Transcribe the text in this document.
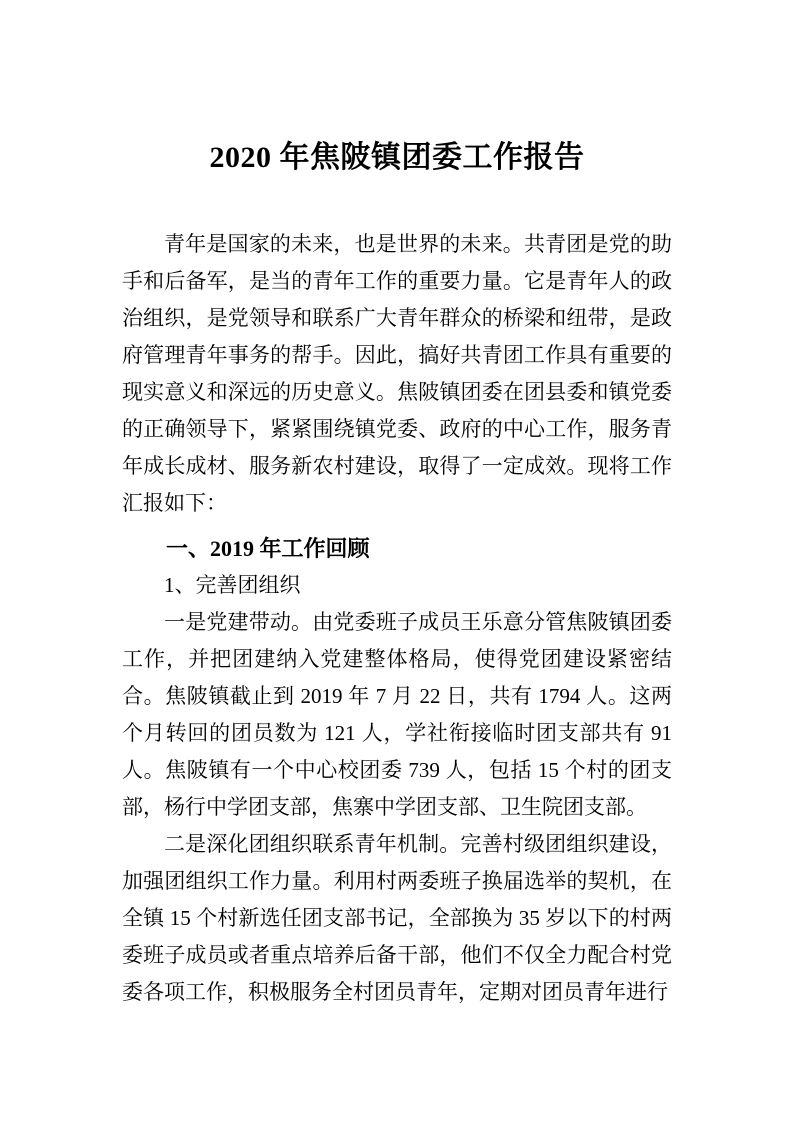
2020 年焦陂镇团委工作报告

青年是国家的未来，也是世界的未来。共青团是党的助手和后备军，是当的青年工作的重要力量。它是青年人的政治组织，是党领导和联系广大青年群众的桥梁和纽带，是政府管理青年事务的帮手。因此，搞好共青团工作具有重要的现实意义和深远的历史意义。焦陂镇团委在团县委和镇党委的正确领导下，紧紧围绕镇党委、政府的中心工作，服务青年成长成材、服务新农村建设，取得了一定成效。现将工作汇报如下：

一、2019 年工作回顾

1、完善团组织

一是党建带动。由党委班子成员王乐意分管焦陂镇团委工作，并把团建纳入党建整体格局，使得党团建设紧密结合。焦陂镇截止到 2019 年 7 月 22 日，共有 1794 人。这两个月转回的团员数为 121 人，学社衔接临时团支部共有 91 人。焦陂镇有一个中心校团委 739 人，包括 15 个村的团支部，杨行中学团支部，焦寨中学团支部、卫生院团支部。

二是深化团组织联系青年机制。完善村级团组织建设，加强团组织工作力量。利用村两委班子换届选举的契机，在全镇 15 个村新选任团支部书记，全部换为 35 岁以下的村两委班子成员或者重点培养后备干部，他们不仅全力配合村党委各项工作，积极服务全村团员青年，定期对团员青年进行
